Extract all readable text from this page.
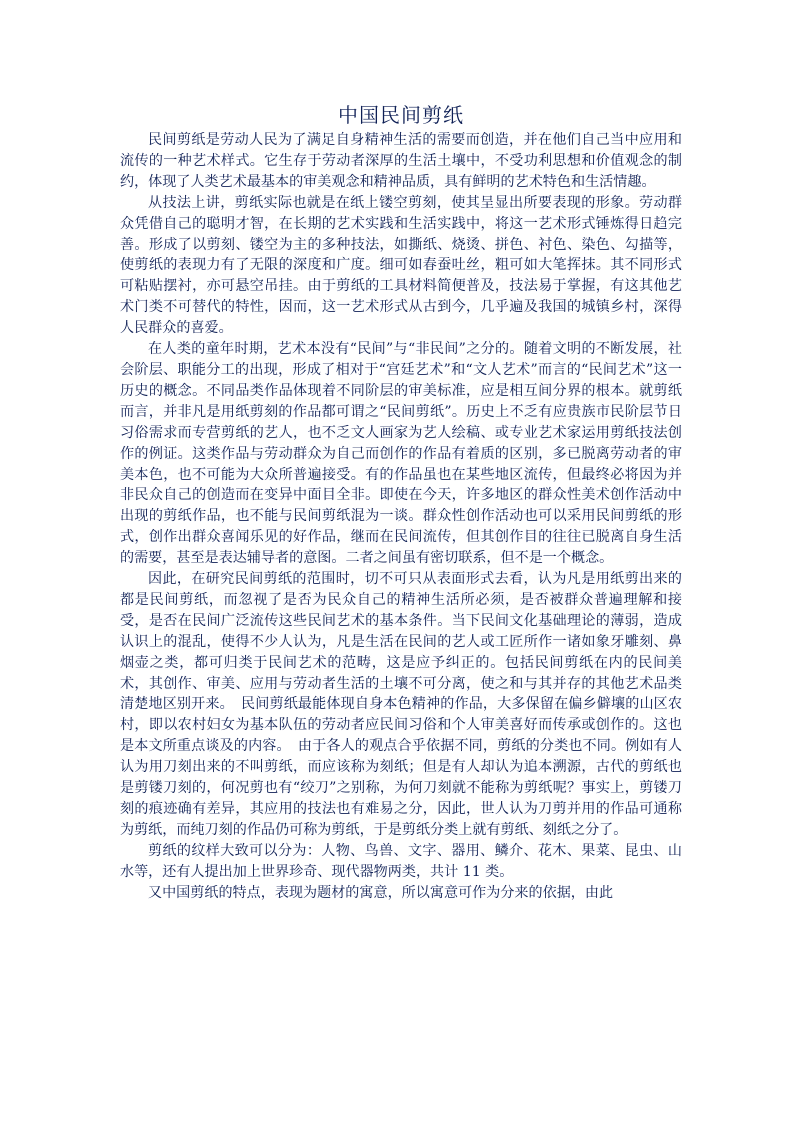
中国民间剪纸

民间剪纸是劳动人民为了满足自身精神生活的需要而创造，并在他们自己当中应用和流传的一种艺术样式。它生存于劳动者深厚的生活土壤中，不受功利思想和价值观念的制约，体现了人类艺术最基本的审美观念和精神品质，具有鲜明的艺术特色和生活情趣。

从技法上讲，剪纸实际也就是在纸上镂空剪刻，使其呈显出所要表现的形象。劳动群众凭借自己的聪明才智，在长期的艺术实践和生活实践中，将这一艺术形式锤炼得日趋完善。形成了以剪刻、镂空为主的多种技法，如撕纸、烧烫、拼色、衬色、染色、勾描等，使剪纸的表现力有了无限的深度和广度。细可如春蚕吐丝，粗可如大笔挥抹。其不同形式可粘贴摆衬，亦可悬空吊挂。由于剪纸的工具材料简便普及，技法易于掌握，有这其他艺术门类不可替代的特性，因而，这一艺术形式从古到今，几乎遍及我国的城镇乡村，深得人民群众的喜爱。

在人类的童年时期，艺术本没有“民间”与“非民间”之分的。随着文明的不断发展，社会阶层、职能分工的出现，形成了相对于“宫廷艺术”和“文人艺术”而言的“民间艺术”这一历史的概念。不同品类作品体现着不同阶层的审美标准，应是相互间分界的根本。就剪纸而言，并非凡是用纸剪刻的作品都可谓之“民间剪纸”。历史上不乏有应贵族市民阶层节日习俗需求而专营剪纸的艺人，也不乏文人画家为艺人绘稿、或专业艺术家运用剪纸技法创作的例证。这类作品与劳动群众为自己而创作的作品有着质的区别，多已脱离劳动者的审美本色，也不可能为大众所普遍接受。有的作品虽也在某些地区流传，但最终必将因为并非民众自己的创造而在变异中面目全非。即使在今天，许多地区的群众性美术创作活动中出现的剪纸作品，也不能与民间剪纸混为一谈。群众性创作活动也可以采用民间剪纸的形式，创作出群众喜闻乐见的好作品，继而在民间流传，但其创作目的往往已脱离自身生活的需要，甚至是表达辅导者的意图。二者之间虽有密切联系，但不是一个概念。

因此，在研究民间剪纸的范围时，切不可只从表面形式去看，认为凡是用纸剪出来的都是民间剪纸，而忽视了是否为民众自己的精神生活所必须，是否被群众普遍理解和接受，是否在民间广泛流传这些民间艺术的基本条件。当下民间文化基础理论的薄弱，造成认识上的混乱，使得不少人认为，凡是生活在民间的艺人或工匠所作一诸如象牙雕刻、鼻烟壶之类，都可归类于民间艺术的范畴，这是应予纠正的。包括民间剪纸在内的民间美术，其创作、审美、应用与劳动者生活的土壤不可分离，使之和与其并存的其他艺术品类清楚地区别开来。　民间剪纸最能体现自身本色精神的作品，大多保留在偏乡僻壤的山区农村，即以农村妇女为基本队伍的劳动者应民间习俗和个人审美喜好而传承或创作的。这也是本文所重点谈及的内容。　由于各人的观点合乎依据不同，剪纸的分类也不同。例如有人认为用刀刻出来的不叫剪纸，而应该称为刻纸；但是有人却认为追本溯源，古代的剪纸也是剪镂刀刻的，何况剪也有“绞刀”之别称，为何刀刻就不能称为剪纸呢？事实上，剪镂刀刻的痕迹确有差异，其应用的技法也有难易之分，因此，世人认为刀剪并用的作品可通称为剪纸，而纯刀刻的作品仍可称为剪纸，于是剪纸分类上就有剪纸、刻纸之分了。

剪纸的纹样大致可以分为：人物、鸟兽、文字、器用、鳞介、花木、果菜、昆虫、山水等，还有人提出加上世界珍奇、现代器物两类，共计 11 类。

又中国剪纸的特点，表现为题材的寓意，所以寓意可作为分来的依据，由此
